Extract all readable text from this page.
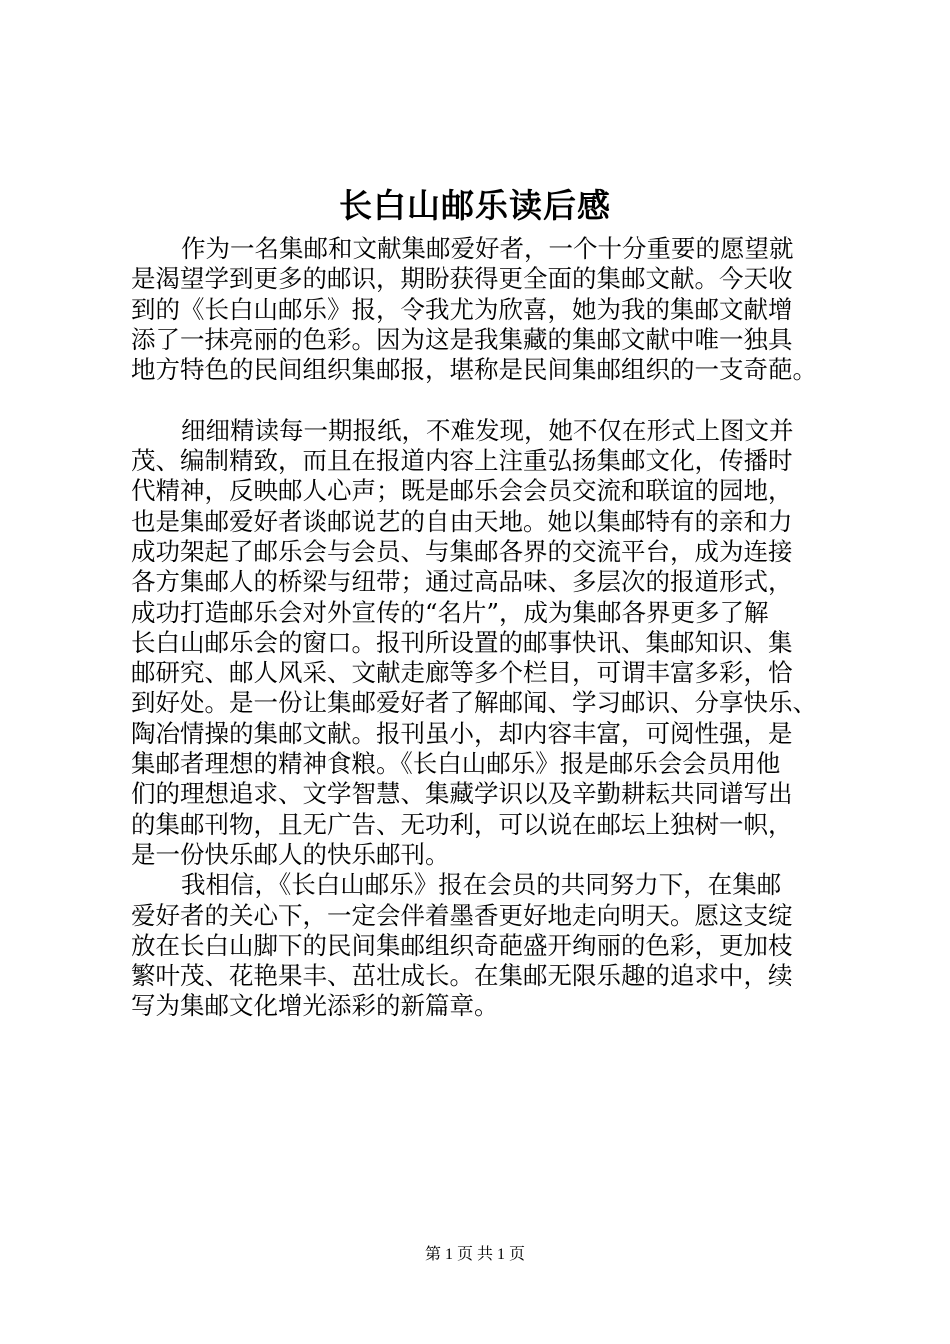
长白山邮乐读后感
作为一名集邮和文献集邮爱好者，一个十分重要的愿望就
是渴望学到更多的邮识，期盼获得更全面的集邮文献。今天收
到的《长白山邮乐》报，令我尤为欣喜，她为我的集邮文献增
添了一抹亮丽的色彩。因为这是我集藏的集邮文献中唯一独具
地方特色的民间组织集邮报，堪称是民间集邮组织的一支奇葩。
细细精读每一期报纸，不难发现，她不仅在形式上图文并
茂、编制精致，而且在报道内容上注重弘扬集邮文化，传播时
代精神，反映邮人心声；既是邮乐会会员交流和联谊的园地，
也是集邮爱好者谈邮说艺的自由天地。她以集邮特有的亲和力
成功架起了邮乐会与会员、与集邮各界的交流平台，成为连接
各方集邮人的桥梁与纽带；通过高品味、多层次的报道形式，
成功打造邮乐会对外宣传的“名片”，成为集邮各界更多了解
长白山邮乐会的窗口。报刊所设置的邮事快讯、集邮知识、集
邮研究、邮人风采、文献走廊等多个栏目，可谓丰富多彩，恰
到好处。是一份让集邮爱好者了解邮闻、学习邮识、分享快乐、
陶冶情操的集邮文献。报刊虽小，却内容丰富，可阅性强，是
集邮者理想的精神食粮。《长白山邮乐》报是邮乐会会员用他
们的理想追求、文学智慧、集藏学识以及辛勤耕耘共同谱写出
的集邮刊物，且无广告、无功利，可以说在邮坛上独树一帜，
是一份快乐邮人的快乐邮刊。
我相信，《长白山邮乐》报在会员的共同努力下，在集邮
爱好者的关心下，一定会伴着墨香更好地走向明天。愿这支绽
放在长白山脚下的民间集邮组织奇葩盛开绚丽的色彩，更加枝
繁叶茂、花艳果丰、茁壮成长。在集邮无限乐趣的追求中，续
写为集邮文化增光添彩的新篇章。
第 1 页 共 1 页
